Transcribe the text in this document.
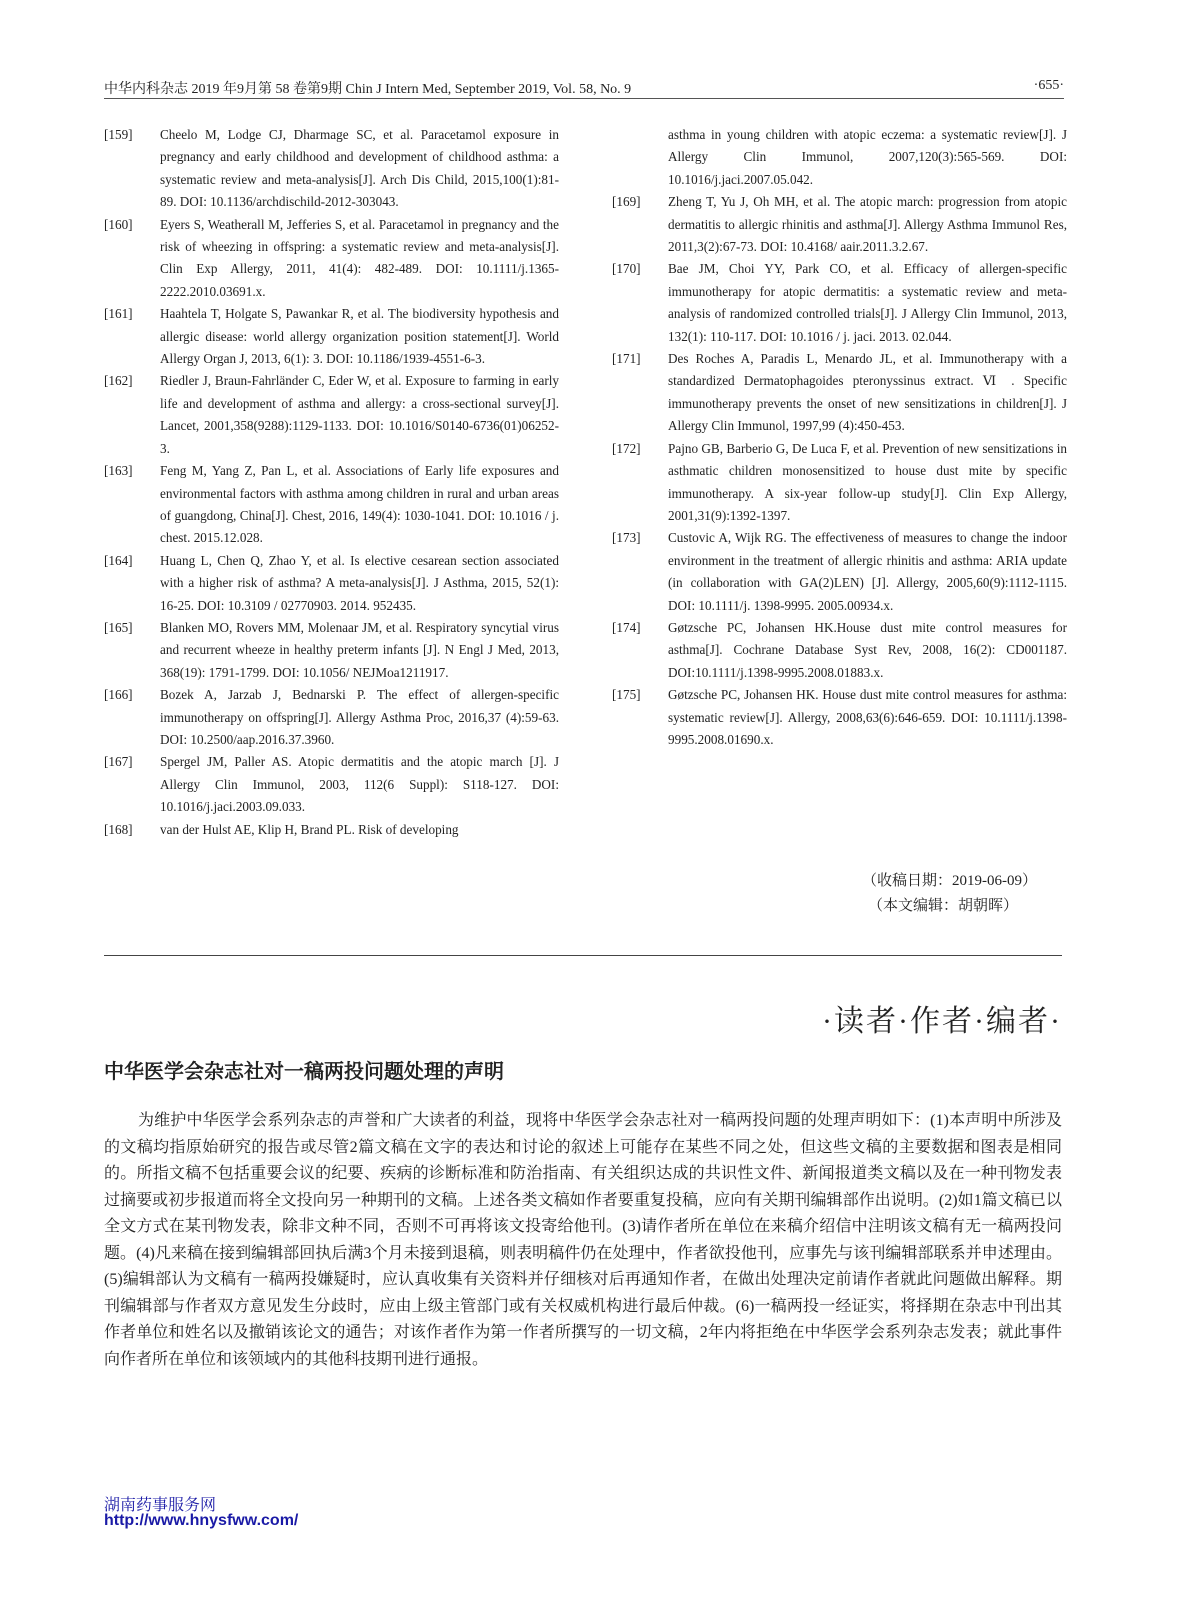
中华内科杂志 2019 年9月第 58 卷第9期 Chin J Intern Med, September 2019, Vol. 58, No. 9	·655·
[159] Cheelo M, Lodge CJ, Dharmage SC, et al. Paracetamol exposure in pregnancy and early childhood and development of childhood asthma: a systematic review and meta-analysis[J]. Arch Dis Child, 2015,100(1):81-89. DOI: 10.1136/archdischild-2012-303043.
[160] Eyers S, Weatherall M, Jefferies S, et al. Paracetamol in pregnancy and the risk of wheezing in offspring: a systematic review and meta-analysis[J]. Clin Exp Allergy, 2011, 41(4): 482-489. DOI: 10.1111/j.1365-2222.2010.03691.x.
[161] Haahtela T, Holgate S, Pawankar R, et al. The biodiversity hypothesis and allergic disease: world allergy organization position statement[J]. World Allergy Organ J, 2013, 6(1): 3. DOI: 10.1186/1939-4551-6-3.
[162] Riedler J, Braun-Fahrländer C, Eder W, et al. Exposure to farming in early life and development of asthma and allergy: a cross-sectional survey[J]. Lancet, 2001,358(9288):1129-1133. DOI: 10.1016/S0140-6736(01)06252-3.
[163] Feng M, Yang Z, Pan L, et al. Associations of Early life exposures and environmental factors with asthma among children in rural and urban areas of guangdong, China[J]. Chest, 2016, 149(4): 1030-1041. DOI: 10.1016 / j. chest. 2015.12.028.
[164] Huang L, Chen Q, Zhao Y, et al. Is elective cesarean section associated with a higher risk of asthma? A meta-analysis[J]. J Asthma, 2015, 52(1): 16-25. DOI: 10.3109 / 02770903. 2014. 952435.
[165] Blanken MO, Rovers MM, Molenaar JM, et al. Respiratory syncytial virus and recurrent wheeze in healthy preterm infants [J]. N Engl J Med, 2013, 368(19): 1791-1799. DOI: 10.1056/ NEJMoa1211917.
[166] Bozek A, Jarzab J, Bednarski P. The effect of allergen-specific immunotherapy on offspring[J]. Allergy Asthma Proc, 2016,37 (4):59-63. DOI: 10.2500/aap.2016.37.3960.
[167] Spergel JM, Paller AS. Atopic dermatitis and the atopic march [J]. J Allergy Clin Immunol, 2003, 112(6 Suppl): S118-127. DOI: 10.1016/j.jaci.2003.09.033.
[168] van der Hulst AE, Klip H, Brand PL. Risk of developing
asthma in young children with atopic eczema: a systematic review[J]. J Allergy Clin Immunol, 2007,120(3):565-569. DOI: 10.1016/j.jaci.2007.05.042.
[169] Zheng T, Yu J, Oh MH, et al. The atopic march: progression from atopic dermatitis to allergic rhinitis and asthma[J]. Allergy Asthma Immunol Res, 2011,3(2):67-73. DOI: 10.4168/ aair.2011.3.2.67.
[170] Bae JM, Choi YY, Park CO, et al. Efficacy of allergen-specific immunotherapy for atopic dermatitis: a systematic review and meta-analysis of randomized controlled trials[J]. J Allergy Clin Immunol, 2013, 132(1): 110-117. DOI: 10.1016 / j. jaci. 2013. 02.044.
[171] Des Roches A, Paradis L, Menardo JL, et al. Immunotherapy with a standardized Dermatophagoides pteronyssinus extract. Ⅵ . Specific immunotherapy prevents the onset of new sensitizations in children[J]. J Allergy Clin Immunol, 1997,99 (4):450-453.
[172] Pajno GB, Barberio G, De Luca F, et al. Prevention of new sensitizations in asthmatic children monosensitized to house dust mite by specific immunotherapy. A six-year follow-up study[J]. Clin Exp Allergy, 2001,31(9):1392-1397.
[173] Custovic A, Wijk RG. The effectiveness of measures to change the indoor environment in the treatment of allergic rhinitis and asthma: ARIA update (in collaboration with GA(2)LEN) [J]. Allergy, 2005,60(9):1112-1115. DOI: 10.1111/j. 1398-9995. 2005.00934.x.
[174] Gøtzsche PC, Johansen HK.House dust mite control measures for asthma[J]. Cochrane Database Syst Rev, 2008, 16(2): CD001187. DOI:10.1111/j.1398-9995.2008.01883.x.
[175] Gøtzsche PC, Johansen HK. House dust mite control measures for asthma: systematic review[J]. Allergy, 2008,63(6):646-659. DOI: 10.1111/j.1398-9995.2008.01690.x.
（收稿日期：2019-06-09）
（本文编辑：胡朝晖）
·读者·作者·编者·
中华医学会杂志社对一稿两投问题处理的声明
为维护中华医学会系列杂志的声誉和广大读者的利益，现将中华医学会杂志社对一稿两投问题的处理声明如下：(1)本声明中所涉及的文稿均指原始研究的报告或尽管2篇文稿在文字的表达和讨论的叙述上可能存在某些不同之处，但这些文稿的主要数据和图表是相同的。所指文稿不包括重要会议的纪要、疾病的诊断标准和防治指南、有关组织达成的共识性文件、新闻报道类文稿以及在一种刊物发表过摘要或初步报道而将全文投向另一种期刊的文稿。上述各类文稿如作者要重复投稿，应向有关期刊编辑部作出说明。(2)如1篇文稿已以全文方式在某刊物发表，除非文种不同，否则不可再将该文投寄给他刊。(3)请作者所在单位在来稿介绍信中注明该文稿有无一稿两投问题。(4)凡来稿在接到编辑部回执后满3个月未接到退稿，则表明稿件仍在处理中，作者欲投他刊，应事先与该刊编辑部联系并申述理由。(5)编辑部认为文稿有一稿两投嫌疑时，应认真收集有关资料并仔细核对后再通知作者，在做出处理决定前请作者就此问题做出解释。期刊编辑部与作者双方意见发生分歧时，应由上级主管部门或有关权威机构进行最后仲裁。(6)一稿两投一经证实，将择期在杂志中刊出其作者单位和姓名以及撤销该论文的通告；对该作者作为第一作者所撰写的一切文稿，2年内将拒绝在中华医学会系列杂志发表；就此事件向作者所在单位和该领域内的其他科技期刊进行通报。
湖南药事服务网
http://www.hnysfww.com/
